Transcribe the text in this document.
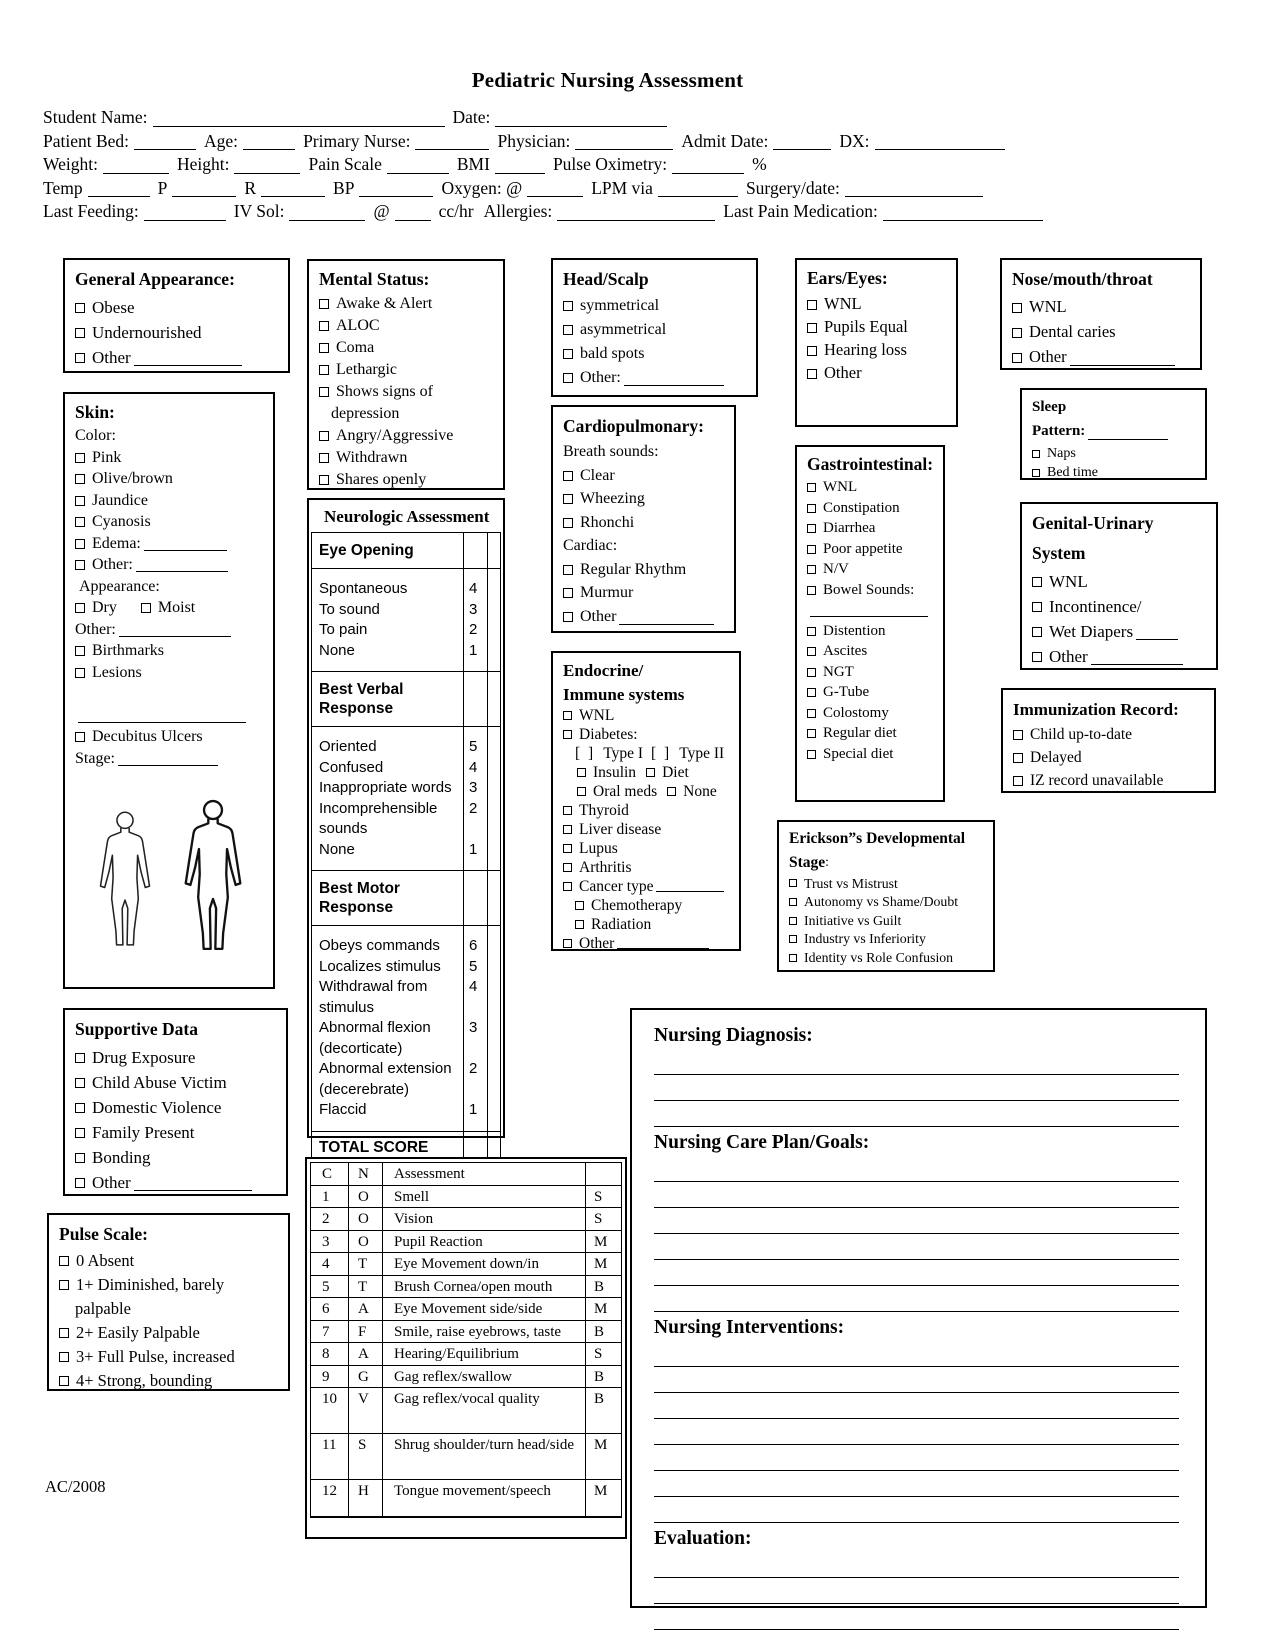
Pediatric Nursing Assessment
Student Name:	Date:
Patient Bed:	Age:	Primary Nurse:	Physician:	Admit Date:	DX:
Weight:	Height:	Pain Scale	BMI	Pulse Oximetry:	%
Temp	P	R	BP	Oxygen: @	LPM via	Surgery/date:
Last Feeding:	IV Sol:	@	cc/hr Allergies:	Last Pain Medication:
General Appearance:
Obese
Undernourished
Other
Skin:
Color:
Pink
Olive/brown
Jaundice
Cyanosis
Edema:
Other:
Appearance:
Dry	Moist
Other:
Birthmarks
Lesions
Decubitus Ulcers
Stage:
Supportive Data
Drug Exposure
Child Abuse Victim
Domestic Violence
Family Present
Bonding
Other
Pulse Scale:
0 Absent
1+ Diminished, barely
palpable
2+ Easily Palpable
3+ Full Pulse, increased
4+ Strong, bounding
Mental Status:
Awake & Alert
ALOC
Coma
Lethargic
Shows signs of
depression
Angry/Aggressive
Withdrawn
Shares openly
Neurologic Assessment
Eye Opening
Spontaneous	4
To sound	3
To pain	2
None	1
Best Verbal Response
Oriented	5
Confused	4
Inappropriate words	3
Incomprehensible sounds
2
None	1
Best Motor Response
Obeys commands	6
Localizes stimulus	5
Withdrawal from stimulus
4
Abnormal flexion (decorticate)
3
Abnormal extension (decerebrate)
2
Flaccid	1
TOTAL SCORE
C	N	Assessment
1	O	Smell	S
2	O	Vision	S
3	O	Pupil Reaction	M
4	T	Eye Movement down/in	M
5	T	Brush Cornea/open mouth	B
6	A	Eye Movement side/side	M
7	F	Smile, raise eyebrows, taste	B
8	A	Hearing/Equilibrium	S
9	G	Gag reflex/swallow	B
10	V	Gag reflex/vocal quality	B
11	S	Shrug shoulder/turn head/side	M
12	H	Tongue movement/speech	M
Head/Scalp
symmetrical
asymmetrical
bald spots
Other:
Cardiopulmonary:
Breath sounds:
Clear
Wheezing
Rhonchi
Cardiac:
Regular Rhythm
Murmur
Other
Endocrine/
Immune systems
WNL
Diabetes:
[ ] Type I [ ] Type II
Insulin Diet
Oral meds None
Thyroid
Liver disease
Lupus
Arthritis
Cancer type
Chemotherapy
Radiation
Other
Ears/Eyes:
WNL
Pupils Equal
Hearing loss
Other
Gastrointestinal:
WNL
Constipation
Diarrhea
Poor appetite
N/V
Bowel Sounds:
Distention
Ascites
NGT
G-Tube
Colostomy
Regular diet
Special diet
Erickson”s Developmental
Stage :
Trust vs Mistrust
Autonomy vs Shame/Doubt
Initiative vs Guilt
Industry vs Inferiority
Identity vs Role Confusion
Nose/mouth/throat
WNL
Dental caries
Other
Sleep
Pattern:
Naps
Bed time
Genital-Urinary
System
WNL
Incontinence/
Wet Diapers
Other
Immunization Record:
Child up-to-date
Delayed
IZ record unavailable
Nursing Diagnosis:
Nursing Care Plan/Goals:
Nursing Interventions:
Evaluation:
AC/2008
